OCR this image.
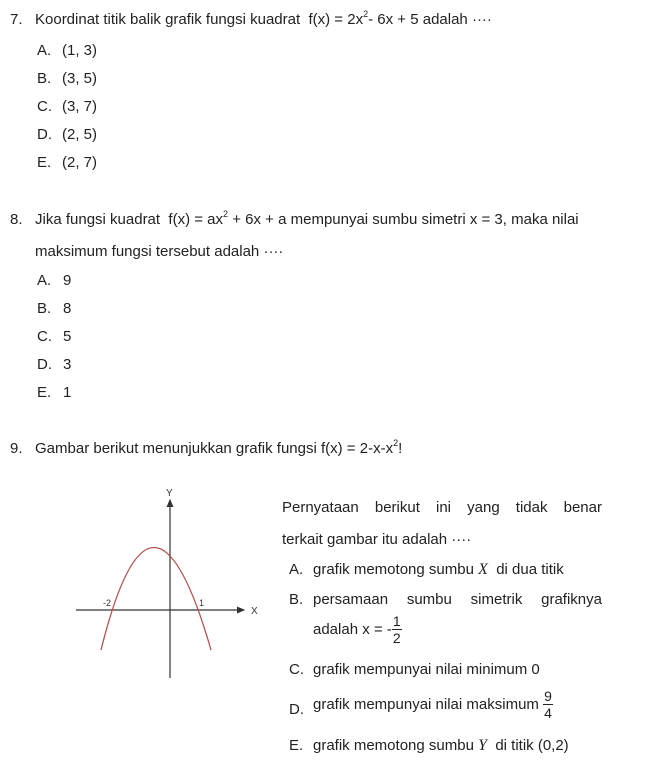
7. Koordinat titik balik grafik fungsi kuadrat $f(x) = 2x^2-$ 6x + 5 adalah ····
A. (1, 3)
B. (3, 5)
C. (3, 7)
D. (2, 5)
E. (2, 7)
8. Jika fungsi kuadrat $f(x) = ax^2 + 6x + a$ mempunyai sumbu simetri x = 3, maka nilai
maksimum fungsi tersebut adalah ····
A. 9
B. 8
C. 5
D. 3
E. 1
9. Gambar berikut menunjukkan grafik fungsi $f(x) = 2-x-x^2$!
Y
X
-2	1
Pernyataan berikut ini yang tidak benar
terkait gambar itu adalah ····
A. grafik memotong sumbu X di dua titik
B. persamaan sumbu simetrik grafiknya
adalah x = - $\frac{1}{2}$
C. grafik mempunyai nilai minimum 0
D. grafik mempunyai nilai maksimum $\frac{9}{4}$
E. grafik memotong sumbu Y di titik (0,2)
